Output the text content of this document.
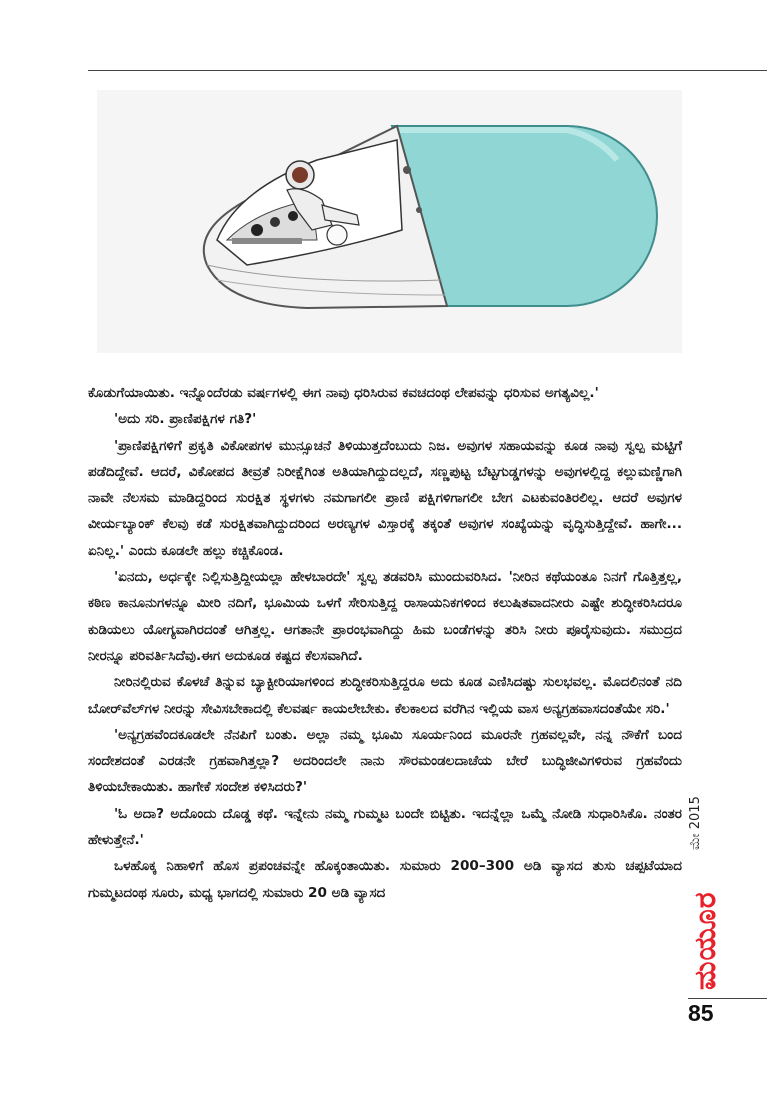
ಕೊಡುಗೆಯಾಯಿತು. ಇನ್ನೊಂದೆರಡು ವರ್ಷಗಳಲ್ಲಿ ಈಗ ನಾವು ಧರಿಸಿರುವ ಕವಚದಂಥ ಲೇಪವನ್ನು ಧರಿಸುವ ಅಗತ್ಯವಿಲ್ಲ.'

'ಅದು ಸರಿ. ಪ್ರಾಣಿಪಕ್ಷಿಗಳ ಗತಿ?'

'ಪ್ರಾಣಿಪಕ್ಷಿಗಳಿಗೆ ಪ್ರಕೃತಿ ವಿಕೋಪಗಳ ಮುನ್ಸೂಚನೆ ತಿಳಿಯುತ್ತದೆಂಬುದು ನಿಜ. ಅವುಗಳ ಸಹಾಯವನ್ನು ಕೂಡ ನಾವು ಸ್ವಲ್ಪ ಮಟ್ಟಿಗೆ ಪಡೆದಿದ್ದೇವೆ. ಆದರೆ, ವಿಕೋಪದ ತೀವ್ರತೆ ನಿರೀಕ್ಷೆಗಿಂತ ಅತಿಯಾಗಿದ್ದುದಲ್ಲದೆ, ಸಣ್ಣಪುಟ್ಟ ಬೆಟ್ಟಗುಡ್ಡಗಳನ್ನು ಅವುಗಳಲ್ಲಿದ್ದ ಕಲ್ಲುಮಣ್ಣಿಗಾಗಿ ನಾವೇ ನೆಲಸಮ ಮಾಡಿದ್ದರಿಂದ ಸುರಕ್ಷಿತ ಸ್ಥಳಗಳು ನಮಗಾಗಲೀ ಪ್ರಾಣಿ ಪಕ್ಷಿಗಳಿಗಾಗಲೀ ಬೇಗ ಎಟಕುವಂತಿರಲಿಲ್ಲ. ಆದರೆ ಅವುಗಳ ವೀರ್ಯಬ್ಯಾಂಕ್ ಕೆಲವು ಕಡೆ ಸುರಕ್ಷಿತವಾಗಿದ್ದುದರಿಂದ ಅರಣ್ಯಗಳ ವಿಸ್ತಾರಕ್ಕೆ ತಕ್ಕಂತೆ ಅವುಗಳ ಸಂಖ್ಯೆಯನ್ನು ವೃದ್ಧಿಸುತ್ತಿದ್ದೇವೆ. ಹಾಗೇ... ಏನಿಲ್ಲ.' ಎಂದು ಕೂಡಲೇ ಹಲ್ಲು ಕಚ್ಚಿಕೊಂಡ.

'ಏನದು, ಅರ್ಧಕ್ಕೇ ನಿಲ್ಲಿಸುತ್ತಿದ್ದೀಯಲ್ಲಾ ಹೇಳಬಾರದೇ' ಸ್ವಲ್ಪ ತಡವರಿಸಿ ಮುಂದುವರಿಸಿದ. 'ನೀರಿನ ಕಥೆಯಂತೂ ನಿನಗೆ ಗೊತ್ತಿತ್ತಲ್ಲ, ಕಠಿಣ ಕಾನೂನುಗಳನ್ನೂ ಮೀರಿ ನದಿಗೆ, ಭೂಮಿಯ ಒಳಗೆ ಸೇರಿಸುತ್ತಿದ್ದ ರಾಸಾಯನಿಕಗಳಿಂದ ಕಲುಷಿತವಾದನೀರು ಎಷ್ಟೇ ಶುದ್ಧೀಕರಿಸಿದರೂ ಕುಡಿಯಲು ಯೋಗ್ಯವಾಗಿರದಂತೆ ಆಗಿತ್ತಲ್ಲ. ಆಗತಾನೇ ಪ್ರಾರಂಭವಾಗಿದ್ದು ಹಿಮ ಬಂಡೆಗಳನ್ನು ತರಿಸಿ ನೀರು ಪೂರೈಸುವುದು. ಸಮುದ್ರದ ನೀರನ್ನೂ ಪರಿವರ್ತಿಸಿದೆವು.ಈಗ ಅದುಕೂಡ ಕಷ್ಟದ ಕೆಲಸವಾಗಿದೆ.

ನೀರಿನಲ್ಲಿರುವ ಕೊಳಚೆ ತಿನ್ನುವ ಬ್ಯಾಕ್ಟೀರಿಯಾಗಳಿಂದ ಶುದ್ಧೀಕರಿಸುತ್ತಿದ್ದರೂ ಅದು ಕೂಡ ಎಣಿಸಿದಷ್ಟು ಸುಲಭವಲ್ಲ. ಮೊದಲಿನಂತೆ ನದಿ ಬೋರ್‌ವೆಲ್‌ಗಳ ನೀರನ್ನು ಸೇವಿಸಬೇಕಾದಲ್ಲಿ ಕೆಲವರ್ಷ ಕಾಯಲೇಬೇಕು. ಕೆಲಕಾಲದ ವರೆಗಿನ ಇಲ್ಲಿಯ ವಾಸ ಅನ್ಯಗ್ರಹವಾಸದಂತೆಯೇ ಸರಿ.'

'ಅನ್ಯಗ್ರಹವೆಂದಕೂಡಲೇ ನೆನಪಿಗೆ ಬಂತು. ಅಲ್ಲಾ ನಮ್ಮ ಭೂಮಿ ಸೂರ್ಯನಿಂದ ಮೂರನೇ ಗ್ರಹವಲ್ಲವೇ, ನನ್ನ ನೌಕೆಗೆ ಬಂದ ಸಂದೇಶದಂತೆ ಎರಡನೇ ಗ್ರಹವಾಗಿತ್ತಲ್ಲಾ? ಅದರಿಂದಲೇ ನಾನು ಸೌರಮಂಡಲದಾಚೆಯ ಬೇರೆ ಬುದ್ಧಿಜೀವಿಗಳಿರುವ ಗ್ರಹವೆಂದು ತಿಳಿಯಬೇಕಾಯಿತು. ಹಾಗೇಕೆ ಸಂದೇಶ ಕಳಿಸಿದರು?'

'ಓ ಅದಾ? ಅದೊಂದು ದೊಡ್ಡ ಕಥೆ. ಇನ್ನೇನು ನಮ್ಮ ಗುಮ್ಮಟ ಬಂದೇ ಬಿಟ್ಟಿತು. ಇದನ್ನೆಲ್ಲಾ ಒಮ್ಮೆ ನೋಡಿ ಸುಧಾರಿಸಿಕೊ. ನಂತರ ಹೇಳುತ್ತೇನೆ.'

ಒಳಹೊಕ್ಕ ನಿಹಾಳಿಗೆ ಹೊಸ ಪ್ರಪಂಚವನ್ನೇ ಹೊಕ್ಕಂತಾಯಿತು. ಸುಮಾರು 200–300 ಅಡಿ ವ್ಯಾಸದ ತುಸು ಚಪ್ಪಟೆಯಾದ ಗುಮ್ಮಟದಂಥ ಸೂರು, ಮಧ್ಯ ಭಾಗದಲ್ಲಿ ಸುಮಾರು 20 ಅಡಿ ವ್ಯಾಸದ

ಮೇ 2015
ಮಯೂರ
85
